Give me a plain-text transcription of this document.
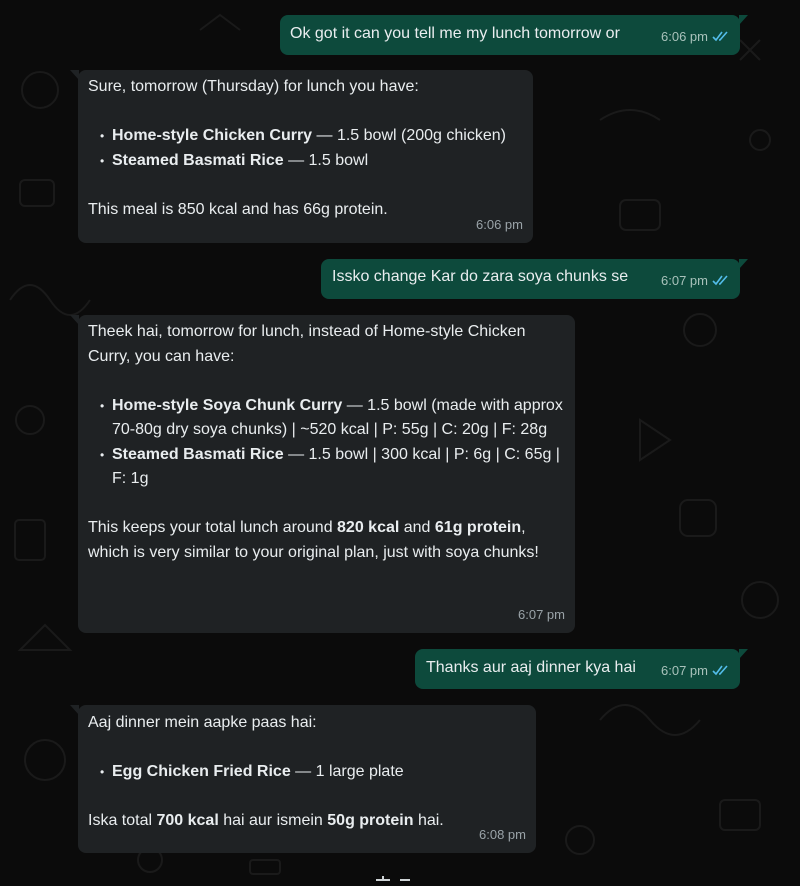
Ok got it can you tell me my lunch tomorrow or	6:06 pm

Sure, tomorrow (Thursday) for lunch you have:

• Home-style Chicken Curry — 1.5 bowl (200g chicken)
• Steamed Basmati Rice — 1.5 bowl

This meal is 850 kcal and has 66g protein.

6:06 pm

Issko change Kar do zara soya chunks se	6:07 pm

Theek hai, tomorrow for lunch, instead of Home-style Chicken Curry, you can have:

• Home-style Soya Chunk Curry — 1.5 bowl (made with approx 70-80g dry soya chunks) | ~520 kcal | P: 55g | C: 20g | F: 28g
• Steamed Basmati Rice — 1.5 bowl | 300 kcal | P: 6g | C: 65g | F: 1g

This keeps your total lunch around 820 kcal and 61g protein, which is very similar to your original plan, just with soya chunks!

6:07 pm

Thanks aur aaj dinner kya hai	6:07 pm

Aaj dinner mein aapke paas hai:

• Egg Chicken Fried Rice — 1 large plate

Iska total 700 kcal hai aur ismein 50g protein hai.

6:08 pm
